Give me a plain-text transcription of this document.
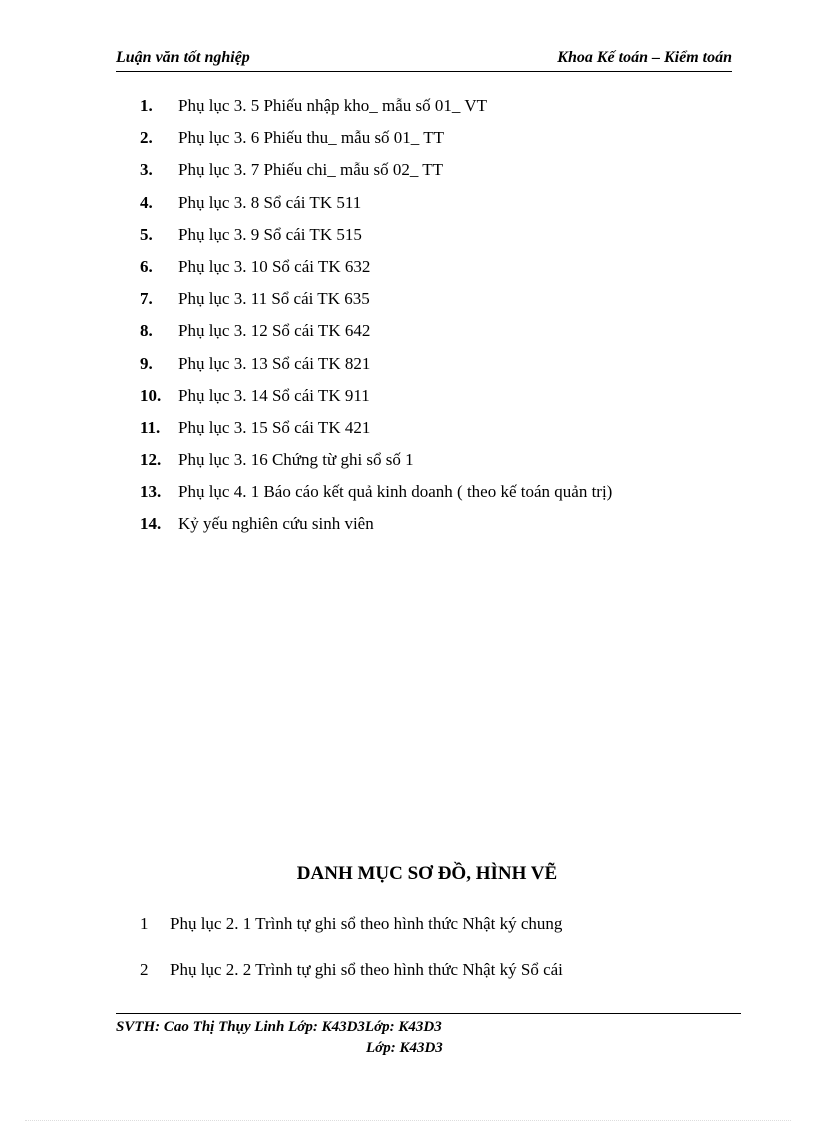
Luận văn tốt nghiệp	Khoa Kế toán – Kiểm toán
1.	Phụ lục 3. 5 Phiếu nhập kho_ mẫu số 01_ VT
2.	Phụ lục 3. 6 Phiếu thu_ mẫu số 01_ TT
3.	Phụ lục 3. 7 Phiếu chi_ mẫu số 02_ TT
4.	Phụ lục 3. 8 Sổ cái TK 511
5.	Phụ lục 3. 9 Sổ cái TK 515
6.	Phụ lục 3. 10 Sổ cái TK 632
7.	Phụ lục 3. 11 Sổ cái TK 635
8.	Phụ lục 3. 12 Sổ cái TK 642
9.	Phụ lục 3. 13 Sổ cái TK 821
10. Phụ lục 3. 14 Sổ cái TK 911
11.	Phụ lục 3. 15 Sổ cái TK 421
12. Phụ lục 3. 16 Chứng từ ghi sổ số 1
13. Phụ lục 4. 1 Báo cáo kết quả kinh doanh ( theo kế toán quản trị)
14. Kỷ yếu nghiên cứu sinh viên
DANH MỤC SƠ ĐỒ, HÌNH VẼ
1	Phụ lục 2. 1 Trình tự ghi sổ theo hình thức Nhật ký chung
2	Phụ lục 2. 2 Trình tự ghi sổ theo hình thức Nhật ký Sổ cái
SVTH: Cao Thị Thụy Linh Lớp: K43D3Lớp: K43D3
Lớp: K43D3
